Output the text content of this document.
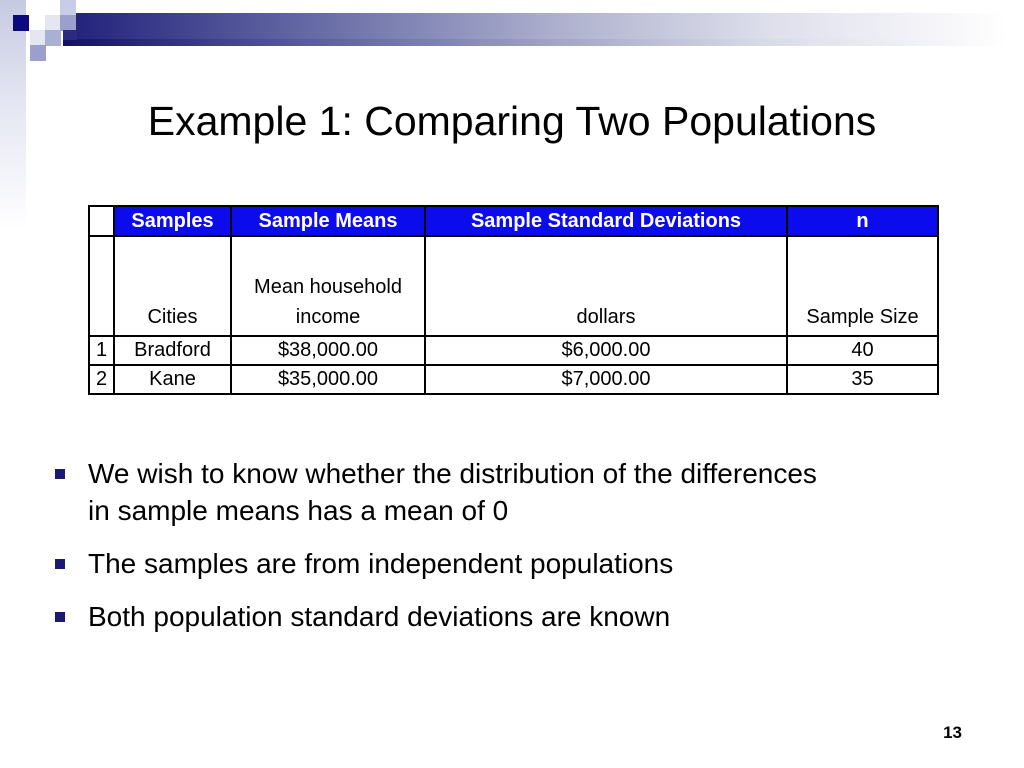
Example 1: Comparing Two Populations
	Samples	Sample Means	Sample Standard Deviations	n
	Cities	Mean household income	dollars	Sample Size
1	Bradford	$38,000.00	$6,000.00	40
2	Kane	$35,000.00	$7,000.00	35
We wish to know whether the distribution of the differences in sample means has a mean of 0
The samples are from independent populations
Both population standard deviations are known
13
